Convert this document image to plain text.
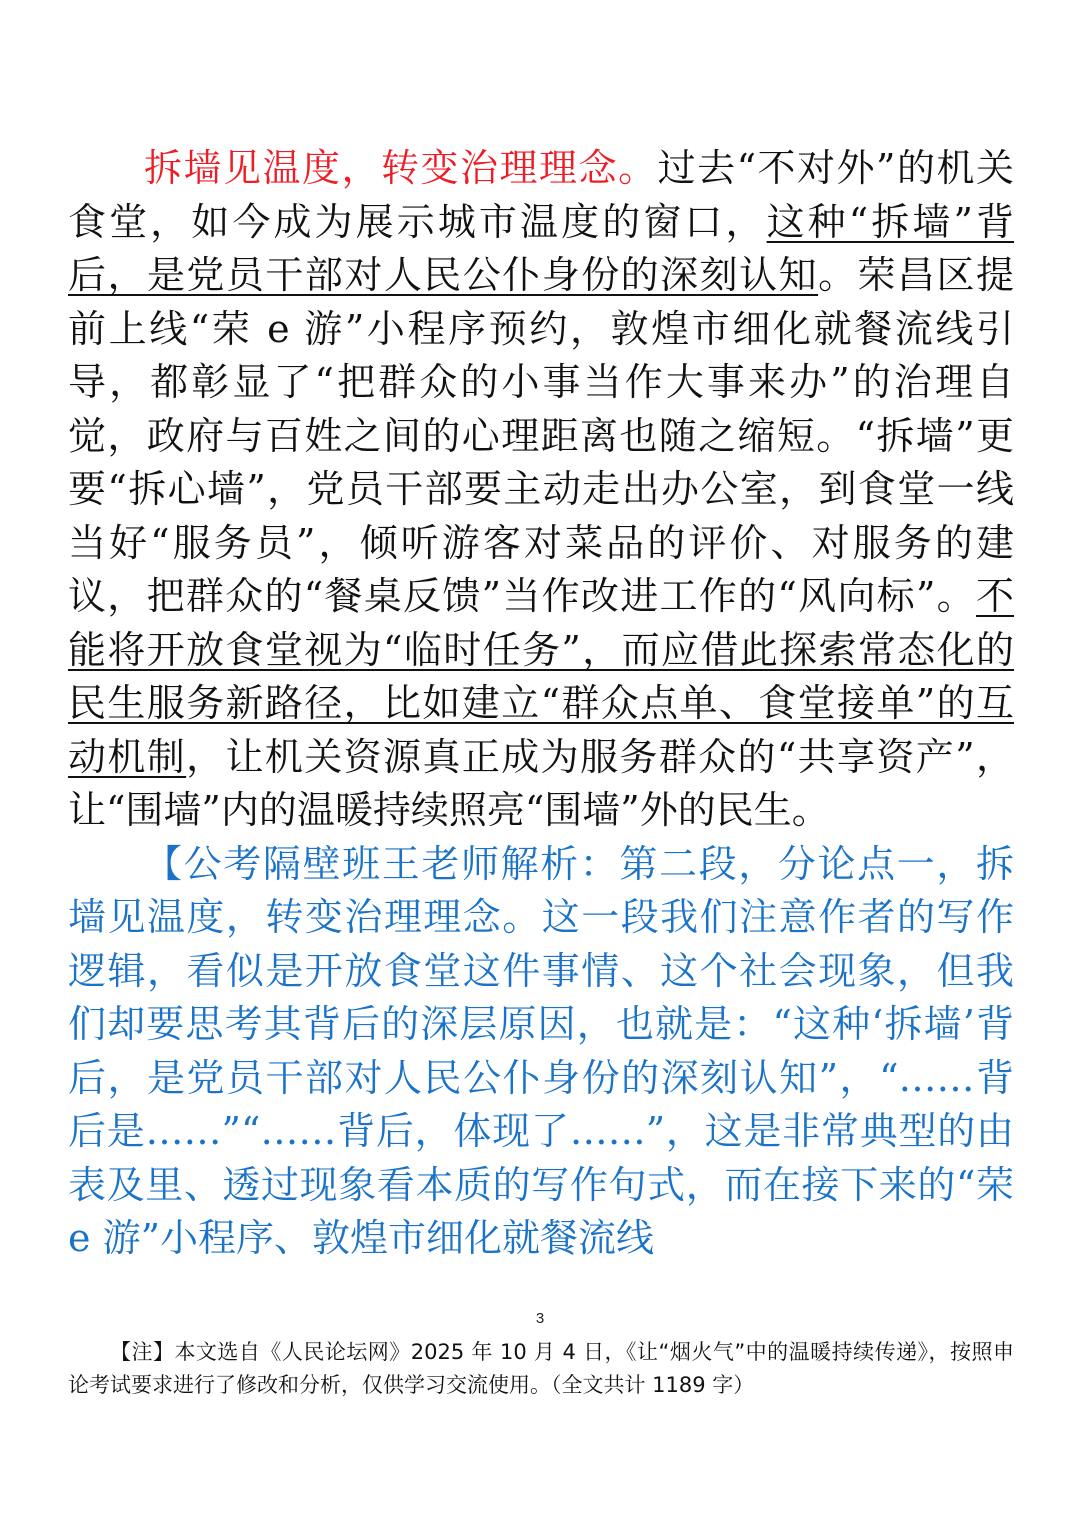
拆墙见温度，转变治理理念。过去“不对外”的机关食堂，如今成为展示城市温度的窗口，这种“拆墙”背后，是党员干部对人民公仆身份的深刻认知。荣昌区提前上线“荣 e 游”小程序预约，敦煌市细化就餐流线引导，都彰显了“把群众的小事当作大事来办”的治理自觉，政府与百姓之间的心理距离也随之缩短。“拆墙”更要“拆心墙”，党员干部要主动走出办公室，到食堂一线当好“服务员”，倾听游客对菜品的评价、对服务的建议，把群众的“餐桌反馈”当作改进工作的“风向标”。不能将开放食堂视为“临时任务”，而应借此探索常态化的民生服务新路径，比如建立“群众点单、食堂接单”的互动机制，让机关资源真正成为服务群众的“共享资产”，让“围墙”内的温暖持续照亮“围墙”外的民生。

【公考隔壁班王老师解析：第二段，分论点一，拆墙见温度，转变治理理念。这一段我们注意作者的写作逻辑，看似是开放食堂这件事情、这个社会现象，但我们却要思考其背后的深层原因，也就是：“这种‘拆墙’背后，是党员干部对人民公仆身份的深刻认知”，“……背后是……”“……背后，体现了……”，这是非常典型的由表及里、透过现象看本质的写作句式，而在接下来的“荣 e 游”小程序、敦煌市细化就餐流线

3
【注】本文选自《人民论坛网》2025 年 10 月 4 日，《让“烟火气”中的温暖持续传递》，按照申论考试要求进行了修改和分析，仅供学习交流使用。（全文共计 1189 字）
